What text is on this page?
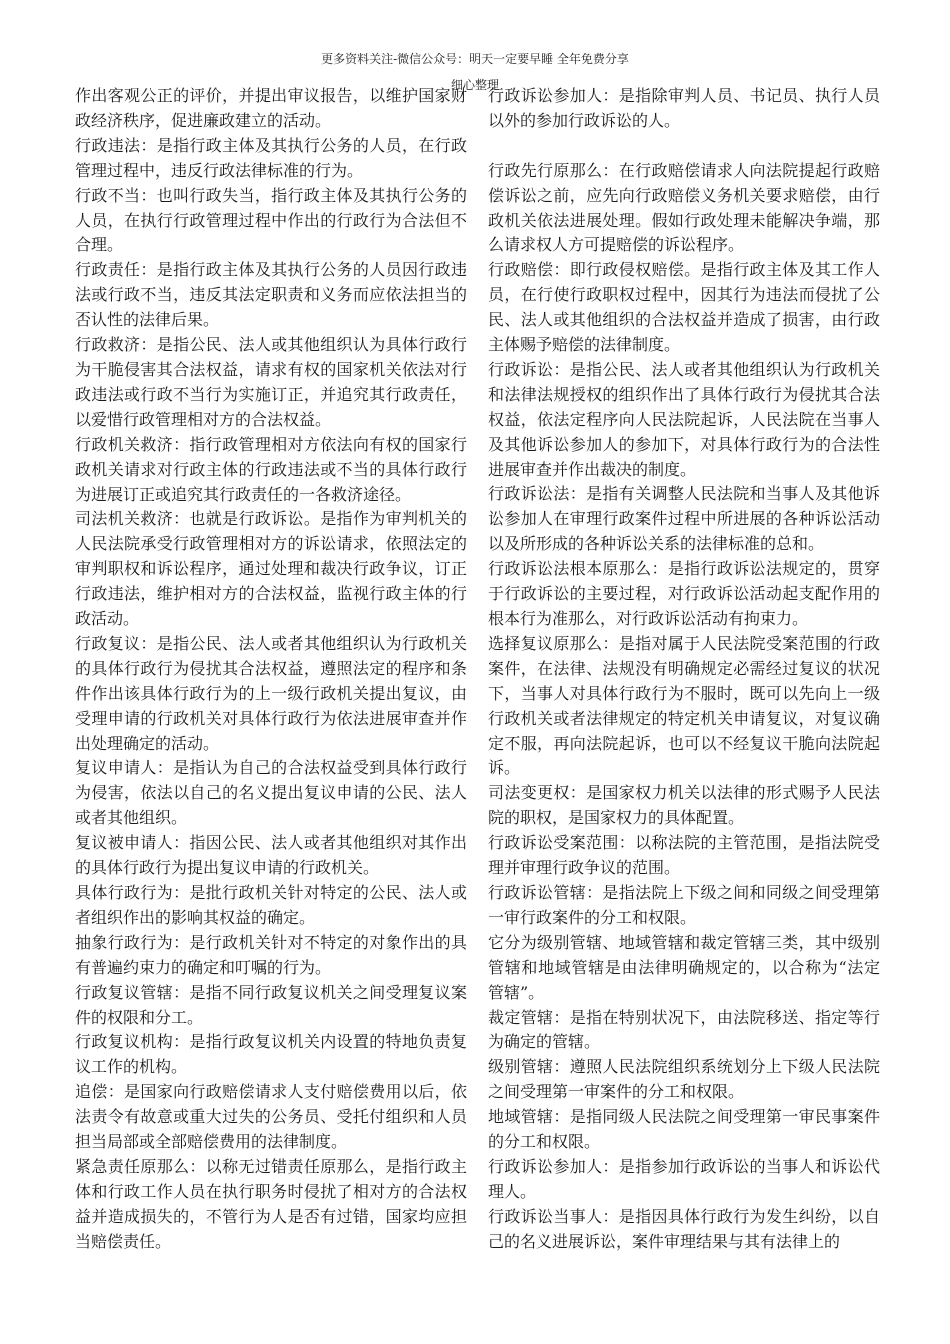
更多资料关注-微信公众号：明天一定要早睡 全年免费分享
细心整理

作出客观公正的评价，并提出审议报告，以维护国家财政经济秩序，促进廉政建立的活动。

行政违法：是指行政主体及其执行公务的人员，在行政管理过程中，违反行政法律标准的行为。

行政不当：也叫行政失当，指行政主体及其执行公务的人员，在执行行政管理过程中作出的行政行为合法但不合理。

行政责任：是指行政主体及其执行公务的人员因行政违法或行政不当，违反其法定职责和义务而应依法担当的否认性的法律后果。

行政救济：是指公民、法人或其他组织认为具体行政行为干脆侵害其合法权益，请求有权的国家机关依法对行政违法或行政不当行为实施订正，并追究其行政责任，以爱惜行政管理相对方的合法权益。

行政机关救济：指行政管理相对方依法向有权的国家行政机关请求对行政主体的行政违法或不当的具体行政行为进展订正或追究其行政责任的一各救济途径。

司法机关救济：也就是行政诉讼。是指作为审判机关的人民法院承受行政管理相对方的诉讼请求，依照法定的审判职权和诉讼程序，通过处理和裁决行政争议，订正行政违法，维护相对方的合法权益，监视行政主体的行政活动。

行政复议：是指公民、法人或者其他组织认为行政机关的具体行政行为侵扰其合法权益，遵照法定的程序和条件作出该具体行政行为的上一级行政机关提出复议，由受理申请的行政机关对具体行政行为依法进展审查并作出处理确定的活动。

复议申请人：是指认为自己的合法权益受到具体行政行为侵害，依法以自己的名义提出复议申请的公民、法人或者其他组织。

复议被申请人：指因公民、法人或者其他组织对其作出的具体行政行为提出复议申请的行政机关。

具体行政行为：是批行政机关针对特定的公民、法人或者组织作出的影响其权益的确定。

抽象行政行为：是行政机关针对不特定的对象作出的具有普遍约束力的确定和叮嘱的行为。

行政复议管辖：是指不同行政复议机关之间受理复议案件的权限和分工。

行政复议机构：是指行政复议机关内设置的特地负责复议工作的机构。

追偿：是国家向行政赔偿请求人支付赔偿费用以后，依法责令有故意或重大过失的公务员、受托付组织和人员担当局部或全部赔偿费用的法律制度。

紧急责任原那么：以称无过错责任原那么，是指行政主体和行政工作人员在执行职务时侵扰了相对方的合法权益并造成损失的，不管行为人是否有过错，国家均应担当赔偿责任。

行政诉讼参加人：是指除审判人员、书记员、执行人员以外的参加行政诉讼的人。

行政先行原那么：在行政赔偿请求人向法院提起行政赔偿诉讼之前，应先向行政赔偿义务机关要求赔偿，由行政机关依法进展处理。假如行政处理未能解决争端，那么请求权人方可提赔偿的诉讼程序。

行政赔偿：即行政侵权赔偿。是指行政主体及其工作人员，在行使行政职权过程中，因其行为违法而侵扰了公民、法人或其他组织的合法权益并造成了损害，由行政主体赐予赔偿的法律制度。

行政诉讼：是指公民、法人或者其他组织认为行政机关和法律法规授权的组织作出了具体行政行为侵扰其合法权益，依法定程序向人民法院起诉，人民法院在当事人及其他诉讼参加人的参加下，对具体行政行为的合法性进展审查并作出裁决的制度。

行政诉讼法：是指有关调整人民法院和当事人及其他诉讼参加人在审理行政案件过程中所进展的各种诉讼活动以及所形成的各种诉讼关系的法律标准的总和。

行政诉讼法根本原那么：是指行政诉讼法规定的，贯穿于行政诉讼的主要过程，对行政诉讼活动起支配作用的根本行为准那么，对行政诉讼活动有拘束力。

选择复议原那么：是指对属于人民法院受案范围的行政案件，在法律、法规没有明确规定必需经过复议的状况下，当事人对具体行政行为不服时，既可以先向上一级行政机关或者法律规定的特定机关申请复议，对复议确定不服，再向法院起诉，也可以不经复议干脆向法院起诉。

司法变更权：是国家权力机关以法律的形式赐予人民法院的职权，是国家权力的具体配置。

行政诉讼受案范围：以称法院的主管范围，是指法院受理并审理行政争议的范围。

行政诉讼管辖：是指法院上下级之间和同级之间受理第一审行政案件的分工和权限。

它分为级别管辖、地域管辖和裁定管辖三类，其中级别管辖和地域管辖是由法律明确规定的，以合称为“法定管辖”。

裁定管辖：是指在特别状况下，由法院移送、指定等行为确定的管辖。

级别管辖：遵照人民法院组织系统划分上下级人民法院之间受理第一审案件的分工和权限。

地域管辖：是指同级人民法院之间受理第一审民事案件的分工和权限。

行政诉讼参加人：是指参加行政诉讼的当事人和诉讼代理人。

行政诉讼当事人：是指因具体行政行为发生纠纷，以自己的名义进展诉讼，案件审理结果与其有法律上的
